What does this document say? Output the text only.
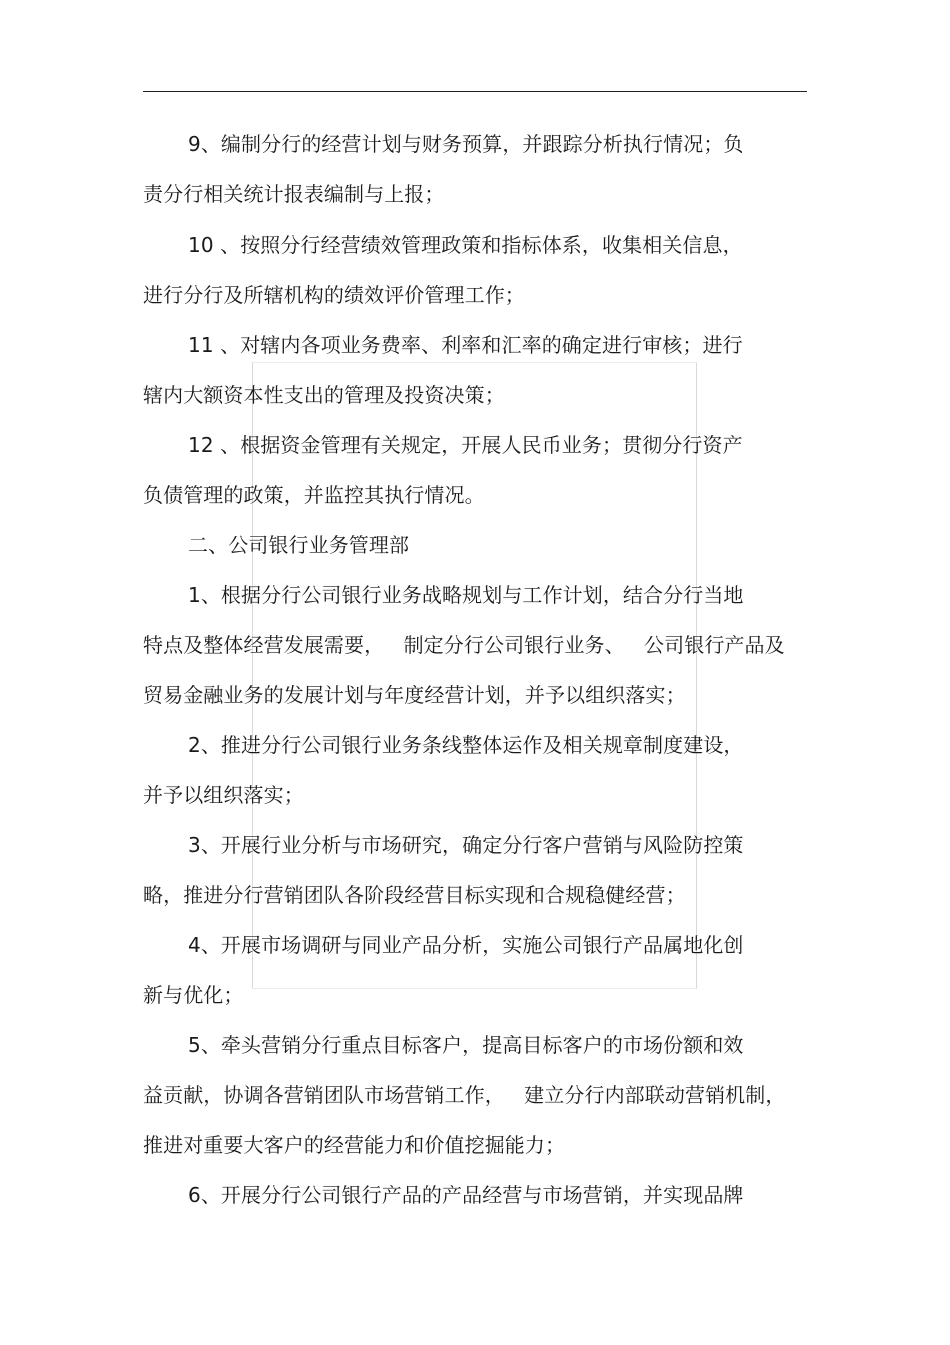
9、编制分行的经营计划与财务预算，并跟踪分析执行情况；负
责分行相关统计报表编制与上报；
10 、按照分行经营绩效管理政策和指标体系，收集相关信息，
进行分行及所辖机构的绩效评价管理工作；
11 、对辖内各项业务费率、利率和汇率的确定进行审核；进行
辖内大额资本性支出的管理及投资决策；
12 、根据资金管理有关规定，开展人民币业务；贯彻分行资产
负债管理的政策，并监控其执行情况。
二、公司银行业务管理部
1、根据分行公司银行业务战略规划与工作计划，结合分行当地
特点及整体经营发展需要，   制定分行公司银行业务、   公司银行产品及
贸易金融业务的发展计划与年度经营计划，并予以组织落实；
2、推进分行公司银行业务条线整体运作及相关规章制度建设，
并予以组织落实；
3、开展行业分析与市场研究，确定分行客户营销与风险防控策
略，推进分行营销团队各阶段经营目标实现和合规稳健经营；
4、开展市场调研与同业产品分析，实施公司银行产品属地化创
新与优化；
5、牵头营销分行重点目标客户，提高目标客户的市场份额和效
益贡献，协调各营销团队市场营销工作，   建立分行内部联动营销机制，
推进对重要大客户的经营能力和价值挖掘能力；
6、开展分行公司银行产品的产品经营与市场营销，并实现品牌
